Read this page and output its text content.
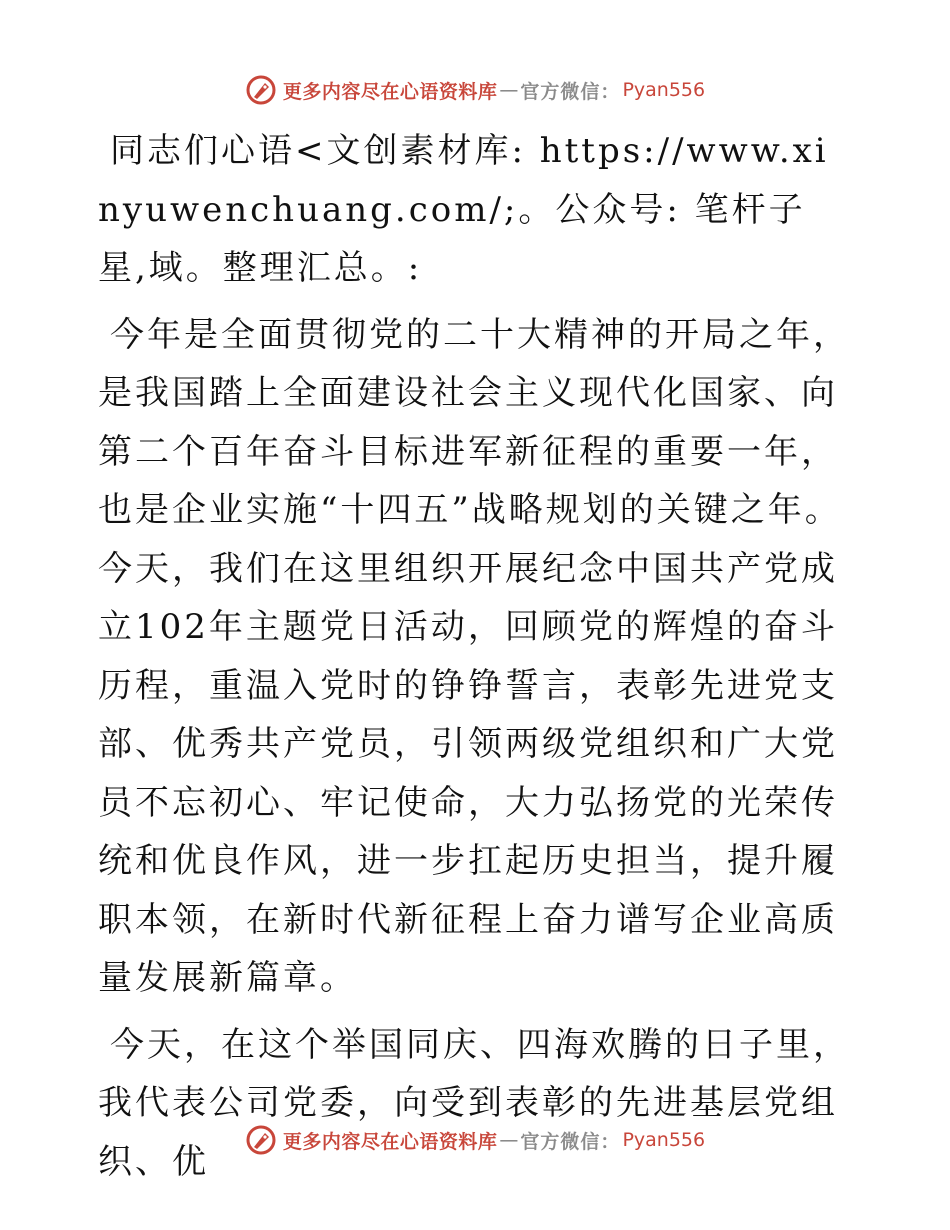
更多内容尽在心语资料库 — 官方微信： Pyan556

同志们心语<文创素材库: https://www.xinyuwenchuang.com/;。公众号: 笔杆子星,域。整理汇总。:

今年是全面贯彻党的二十大精神的开局之年，是我国踏上全面建设社会主义现代化国家、向第二个百年奋斗目标进军新征程的重要一年，也是企业实施“十四五”战略规划的关键之年。今天，我们在这里组织开展纪念中国共产党成立102年主题党日活动，回顾党的辉煌的奋斗历程，重温入党时的铮铮誓言，表彰先进党支部、优秀共产党员，引领两级党组织和广大党员不忘初心、牢记使命，大力弘扬党的光荣传统和优良作风，进一步扛起历史担当，提升履职本领，在新时代新征程上奋力谱写企业高质量发展新篇章。

今天，在这个举国同庆、四海欢腾的日子里，我代表公司党委，向受到表彰的先进基层党组织、优	更多内容尽在心语资料库 — 官方微信： Pyan556
